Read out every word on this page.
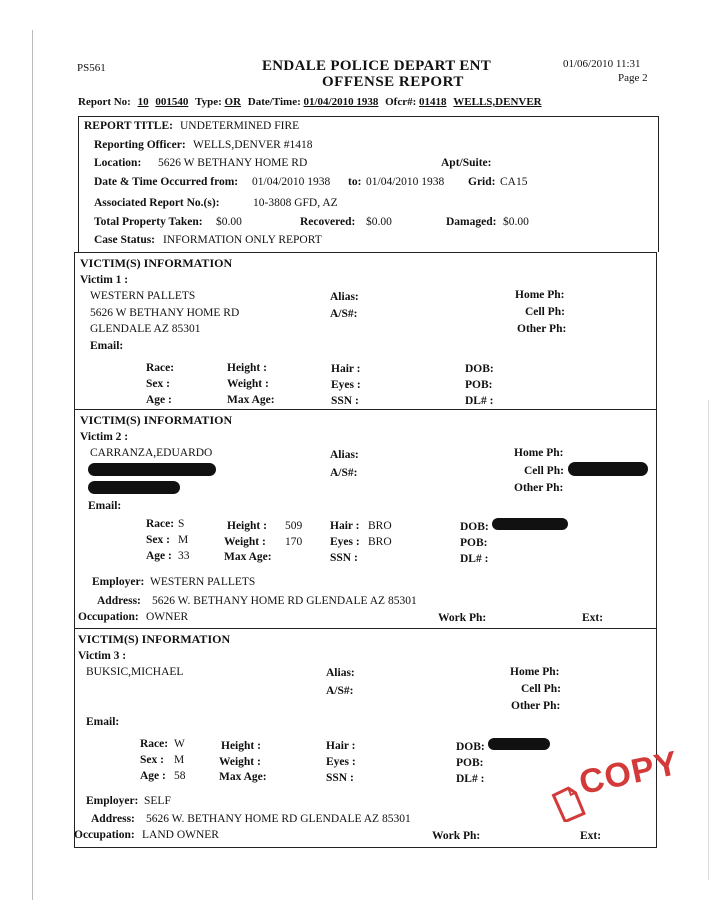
PS561	ENDALE POLICE DEPART ENT
OFFENSE REPORT
01/06/2010 11:31
Page 2
Report No: 10 001540 Type: OR Date/Time: 01/04/2010 1938 Ofcr#: 01418 WELLS,DENVER
REPORT TITLE: UNDETERMINED FIRE
Reporting Officer: WELLS,DENVER #1418
Location: 5626 W BETHANY HOME RD	Apt/Suite:
Date & Time Occurred from: 01/04/2010 1938 to: 01/04/2010 1938 Grid: CA15
Associated Report No.(s):	10-3808 GFD, AZ
Total Property Taken: $0.00	Recovered: $0.00	Damaged: $0.00
Case Status: INFORMATION ONLY REPORT
VICTIM(S) INFORMATION
Victim 1 :
WESTERN PALLETS
5626 W BETHANY HOME RD
GLENDALE AZ 85301
Email:
Alias:
A/S#:
Home Ph:
Cell Ph:
Other Ph:
Race:
Sex :
Age :
Height :
Weight :
Max Age:
Hair :
Eyes :
SSN :
DOB:
POB:
DL# :
VICTIM(S) INFORMATION
Victim 2 :
CARRANZA,EDUARDO
Email:
Alias:
A/S#:
Home Ph:
Cell Ph:
Other Ph:
Race: S
Sex : M
Age : 33
Height : 509
Weight : 170
Max Age:
Hair : BRO
Eyes : BRO
SSN :
DOB:
POB:
DL# :
Employer: WESTERN PALLETS
Address: 5626 W. BETHANY HOME RD GLENDALE AZ 85301
Occupation: OWNER	Work Ph:	Ext:
VICTIM(S) INFORMATION
Victim 3 :
BUKSIC,MICHAEL
Email:
Alias:
A/S#:
Home Ph:
Cell Ph:
Other Ph:
Race: W
Sex : M
Age : 58
Height :
Weight :
Max Age:
Hair :
Eyes :
SSN :
DOB:
POB:
DL# :
Employer: SELF
Address: 5626 W. BETHANY HOME RD GLENDALE AZ 85301
Occupation: LAND OWNER	Work Ph:	Ext:
COPY
